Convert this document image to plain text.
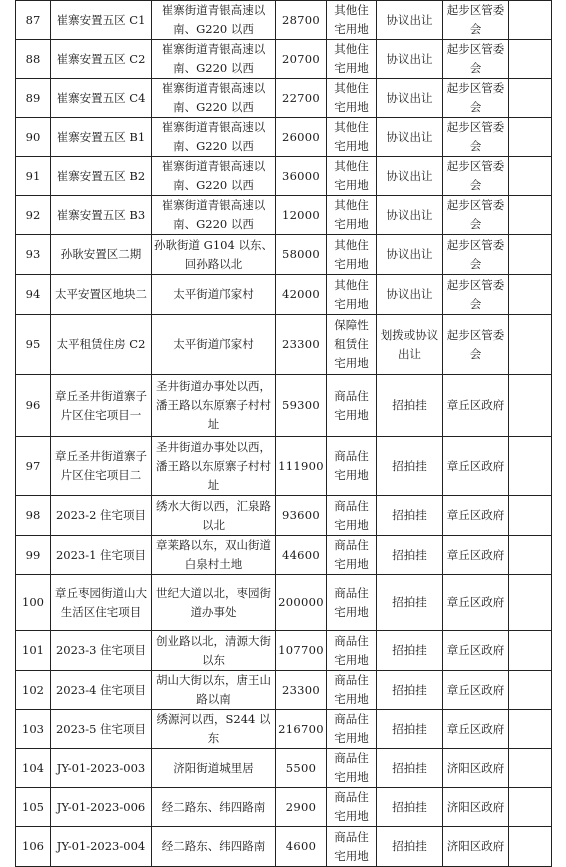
87	崔寨安置五区 C1	崔寨街道青银高速以南、G220 以西	28700	其他住宅用地	协议出让	起步区管委会	
88	崔寨安置五区 C2	崔寨街道青银高速以南、G220 以西	20700	其他住宅用地	协议出让	起步区管委会	
89	崔寨安置五区 C4	崔寨街道青银高速以南、G220 以西	22700	其他住宅用地	协议出让	起步区管委会	
90	崔寨安置五区 B1	崔寨街道青银高速以南、G220 以西	26000	其他住宅用地	协议出让	起步区管委会	
91	崔寨安置五区 B2	崔寨街道青银高速以南、G220 以西	36000	其他住宅用地	协议出让	起步区管委会	
92	崔寨安置五区 B3	崔寨街道青银高速以南、G220 以西	12000	其他住宅用地	协议出让	起步区管委会	
93	孙耿安置区二期	孙耿街道 G104 以东、回孙路以北	58000	其他住宅用地	协议出让	起步区管委会	
94	太平安置区地块二	太平街道邝家村	42000	其他住宅用地	协议出让	起步区管委会	
95	太平租赁住房 C2	太平街道邝家村	23300	保障性租赁住宅用地	划拨或协议出让	起步区管委会	
96	章丘圣井街道寨子片区住宅项目一	圣井街道办事处以西，潘王路以东原寨子村村址	59300	商品住宅用地	招拍挂	章丘区政府	
97	章丘圣井街道寨子片区住宅项目二	圣井街道办事处以西，潘王路以东原寨子村村址	111900	商品住宅用地	招拍挂	章丘区政府	
98	2023-2 住宅项目	绣水大街以西，汇泉路以北	93600	商品住宅用地	招拍挂	章丘区政府	
99	2023-1 住宅项目	章莱路以东，双山街道白泉村土地	44600	商品住宅用地	招拍挂	章丘区政府	
100	章丘枣园街道山大生活区住宅项目	世纪大道以北，枣园街道办事处	200000	商品住宅用地	招拍挂	章丘区政府	
101	2023-3 住宅项目	创业路以北，清源大街以东	107700	商品住宅用地	招拍挂	章丘区政府	
102	2023-4 住宅项目	胡山大街以东，唐王山路以南	23300	商品住宅用地	招拍挂	章丘区政府	
103	2023-5 住宅项目	绣源河以西，S244 以东	216700	商品住宅用地	招拍挂	章丘区政府	
104	JY-01-2023-003	济阳街道城里居	5500	商品住宅用地	招拍挂	济阳区政府	
105	JY-01-2023-006	经二路东、纬四路南	2900	商品住宅用地	招拍挂	济阳区政府	
106	JY-01-2023-004	经二路东、纬四路南	4600	商品住宅用地	招拍挂	济阳区政府	
